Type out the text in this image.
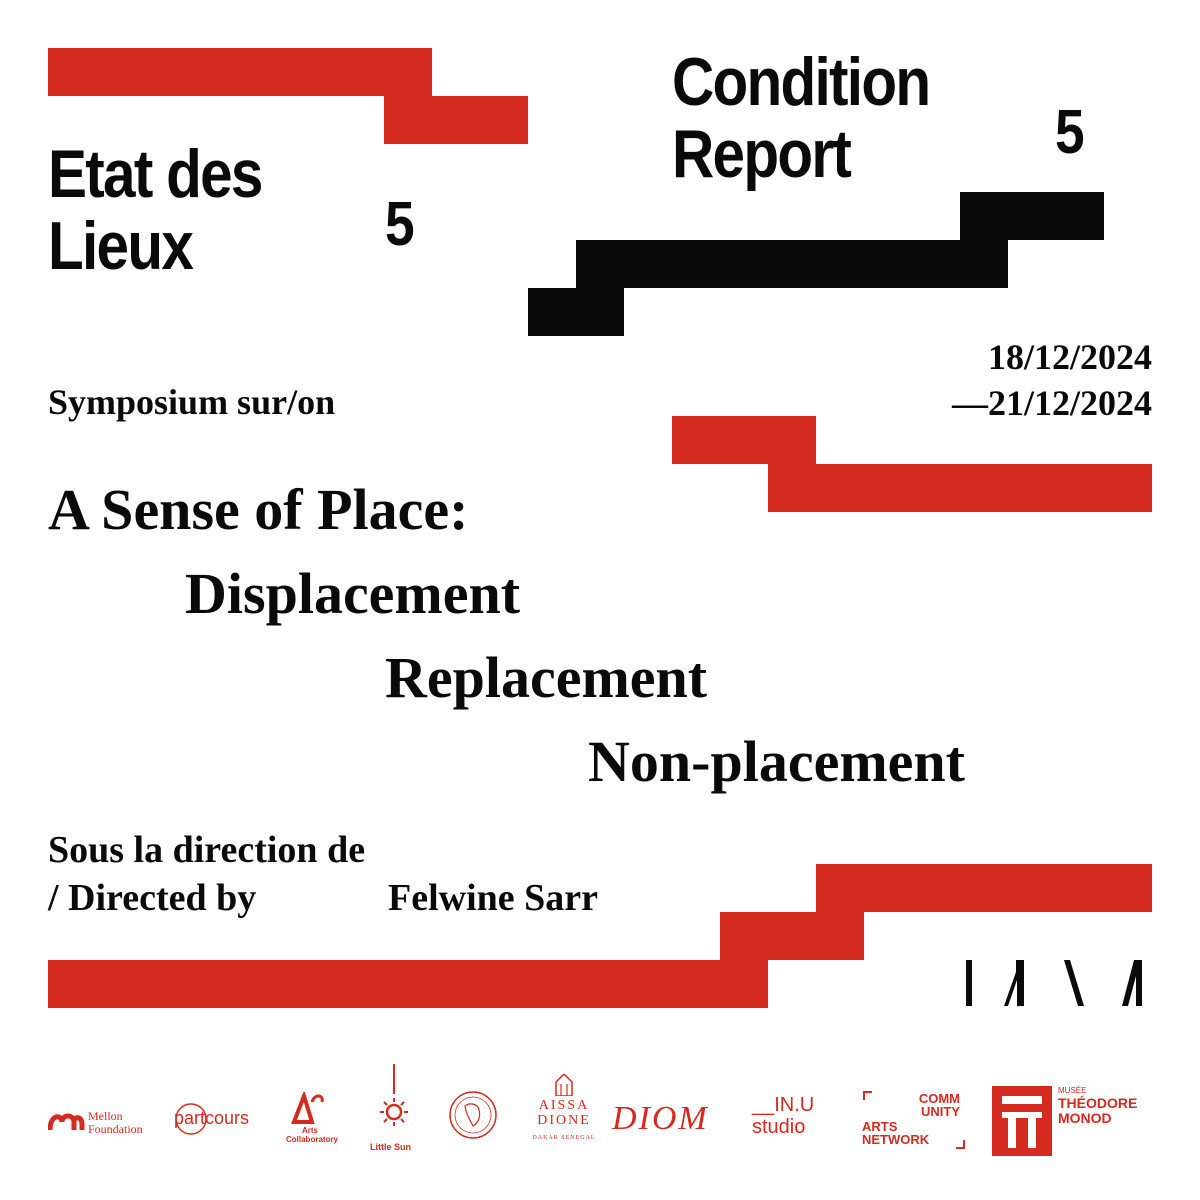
Etat des
Lieux	5
Condition
Report	5
Symposium sur/on
18/12/2024
—21/12/2024
A Sense of Place:
Displacement
Replacement
Non-placement
Sous la direction de
/ Directed by	Felwine Sarr
Mellon
Foundation
partcours
Arts
Collaboratory
Little Sun
AISSA
DIONE
DAKAR SENEGAL
DIOM	__IN.U
studio
COMM
UNITY
ARTS
NETWORK
MUSÉE
THÉODORE
MONOD
